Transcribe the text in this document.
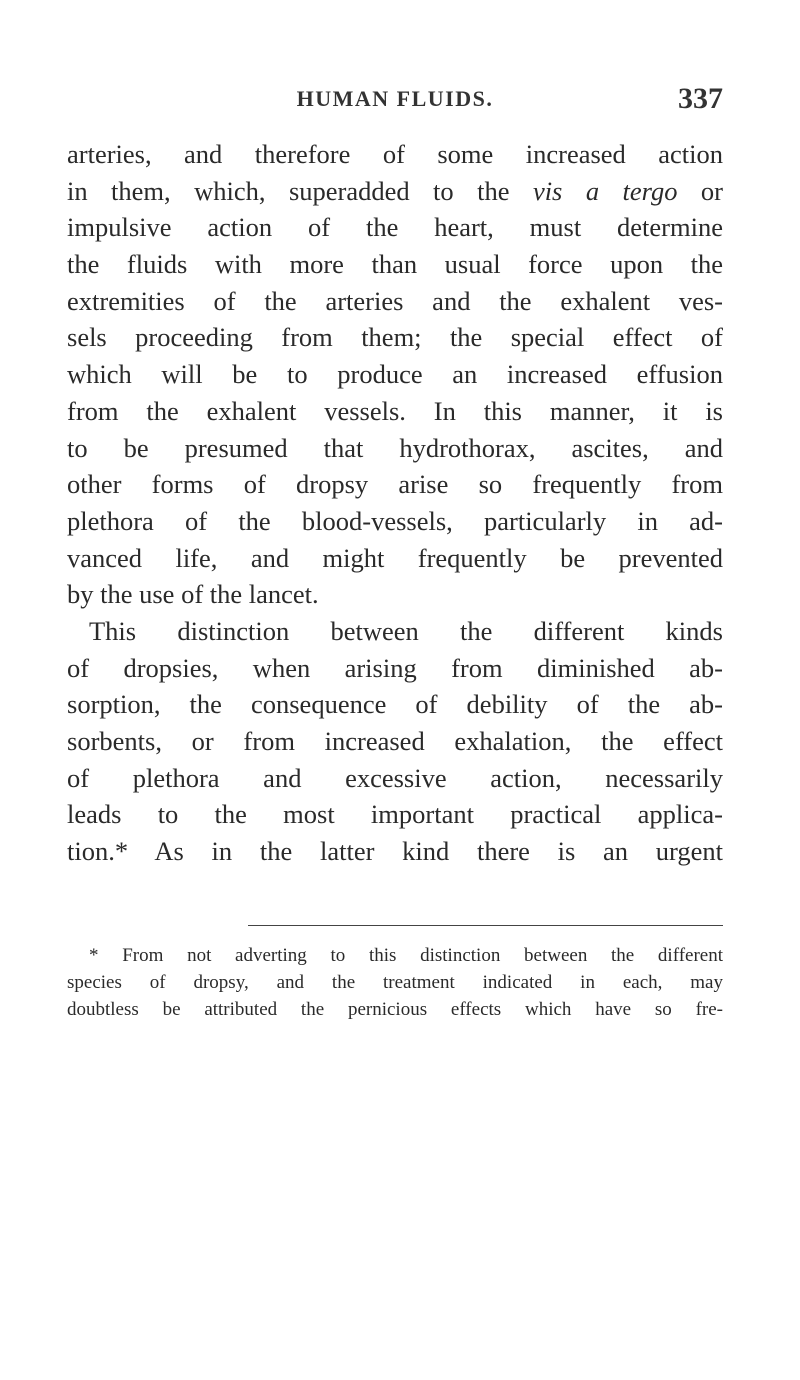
HUMAN FLUIDS.	337
arteries, and therefore of some increased action
in them, which, superadded to the vis a tergo or
impulsive action of the heart, must determine
the fluids with more than usual force upon the
extremities of the arteries and the exhalent ves-
sels proceeding from them; the special effect of
which will be to produce an increased effusion
from the exhalent vessels. In this manner, it is
to be presumed that hydrothorax, ascites, and
other forms of dropsy arise so frequently from
plethora of the blood-vessels, particularly in ad-
vanced life, and might frequently be prevented
by the use of the lancet.
This distinction between the different kinds
of dropsies, when arising from diminished ab-
sorption, the consequence of debility of the ab-
sorbents, or from increased exhalation, the effect
of plethora and excessive action, necessarily
leads to the most important practical applica-
tion.* As in the latter kind there is an urgent
* From not adverting to this distinction between the different
species of dropsy, and the treatment indicated in each, may
doubtless be attributed the pernicious effects which have so fre-
